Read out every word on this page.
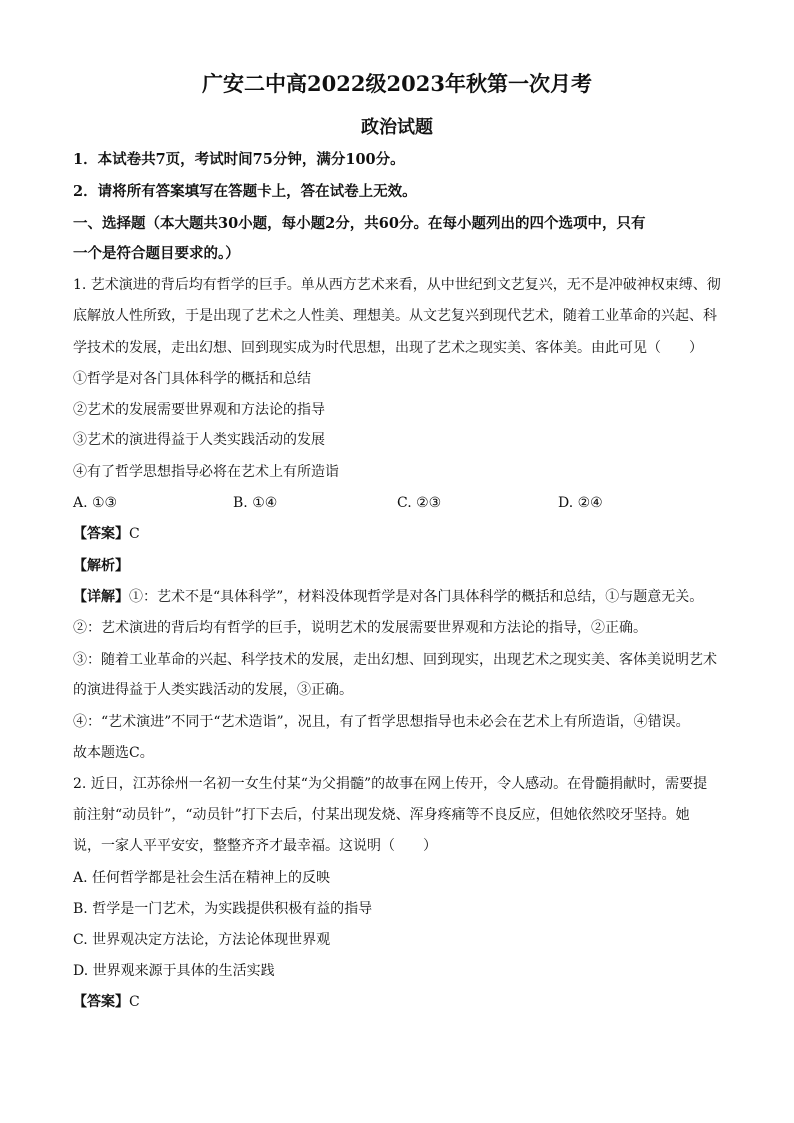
广安二中高2022级2023年秋第一次月考
政治试题
1．本试卷共7页，考试时间75分钟，满分100分。
2．请将所有答案填写在答题卡上，答在试卷上无效。
一、选择题（本大题共30小题，每小题2分，共60分。在每小题列出的四个选项中，只有
一个是符合题目要求的。）
1. 艺术演进的背后均有哲学的巨手。单从西方艺术来看，从中世纪到文艺复兴，无不是冲破神权束缚、彻
底解放人性所致，于是出现了艺术之人性美、理想美。从文艺复兴到现代艺术，随着工业革命的兴起、科
学技术的发展，走出幻想、回到现实成为时代思想，出现了艺术之现实美、客体美。由此可见（　　）
①哲学是对各门具体科学的概括和总结
②艺术的发展需要世界观和方法论的指导
③艺术的演进得益于人类实践活动的发展
④有了哲学思想指导必将在艺术上有所造诣
A. ①③	B. ①④	C. ②③	D. ②④
【答案】C
【解析】
【详解】①：艺术不是“具体科学”，材料没体现哲学是对各门具体科学的概括和总结，①与题意无关。
②：艺术演进的背后均有哲学的巨手，说明艺术的发展需要世界观和方法论的指导，②正确。
③：随着工业革命的兴起、科学技术的发展，走出幻想、回到现实，出现艺术之现实美、客体美说明艺术
的演进得益于人类实践活动的发展，③正确。
④：“艺术演进”不同于“艺术造诣”，况且，有了哲学思想指导也未必会在艺术上有所造诣，④错误。
故本题选C。
2. 近日，江苏徐州一名初一女生付某“为父捐髓”的故事在网上传开，令人感动。在骨髓捐献时，需要提
前注射“动员针”，“动员针”打下去后，付某出现发烧、浑身疼痛等不良反应，但她依然咬牙坚持。她
说，一家人平平安安，整整齐齐才最幸福。这说明（　　）
A. 任何哲学都是社会生活在精神上的反映
B. 哲学是一门艺术，为实践提供积极有益的指导
C. 世界观决定方法论，方法论体现世界观
D. 世界观来源于具体的生活实践
【答案】C
